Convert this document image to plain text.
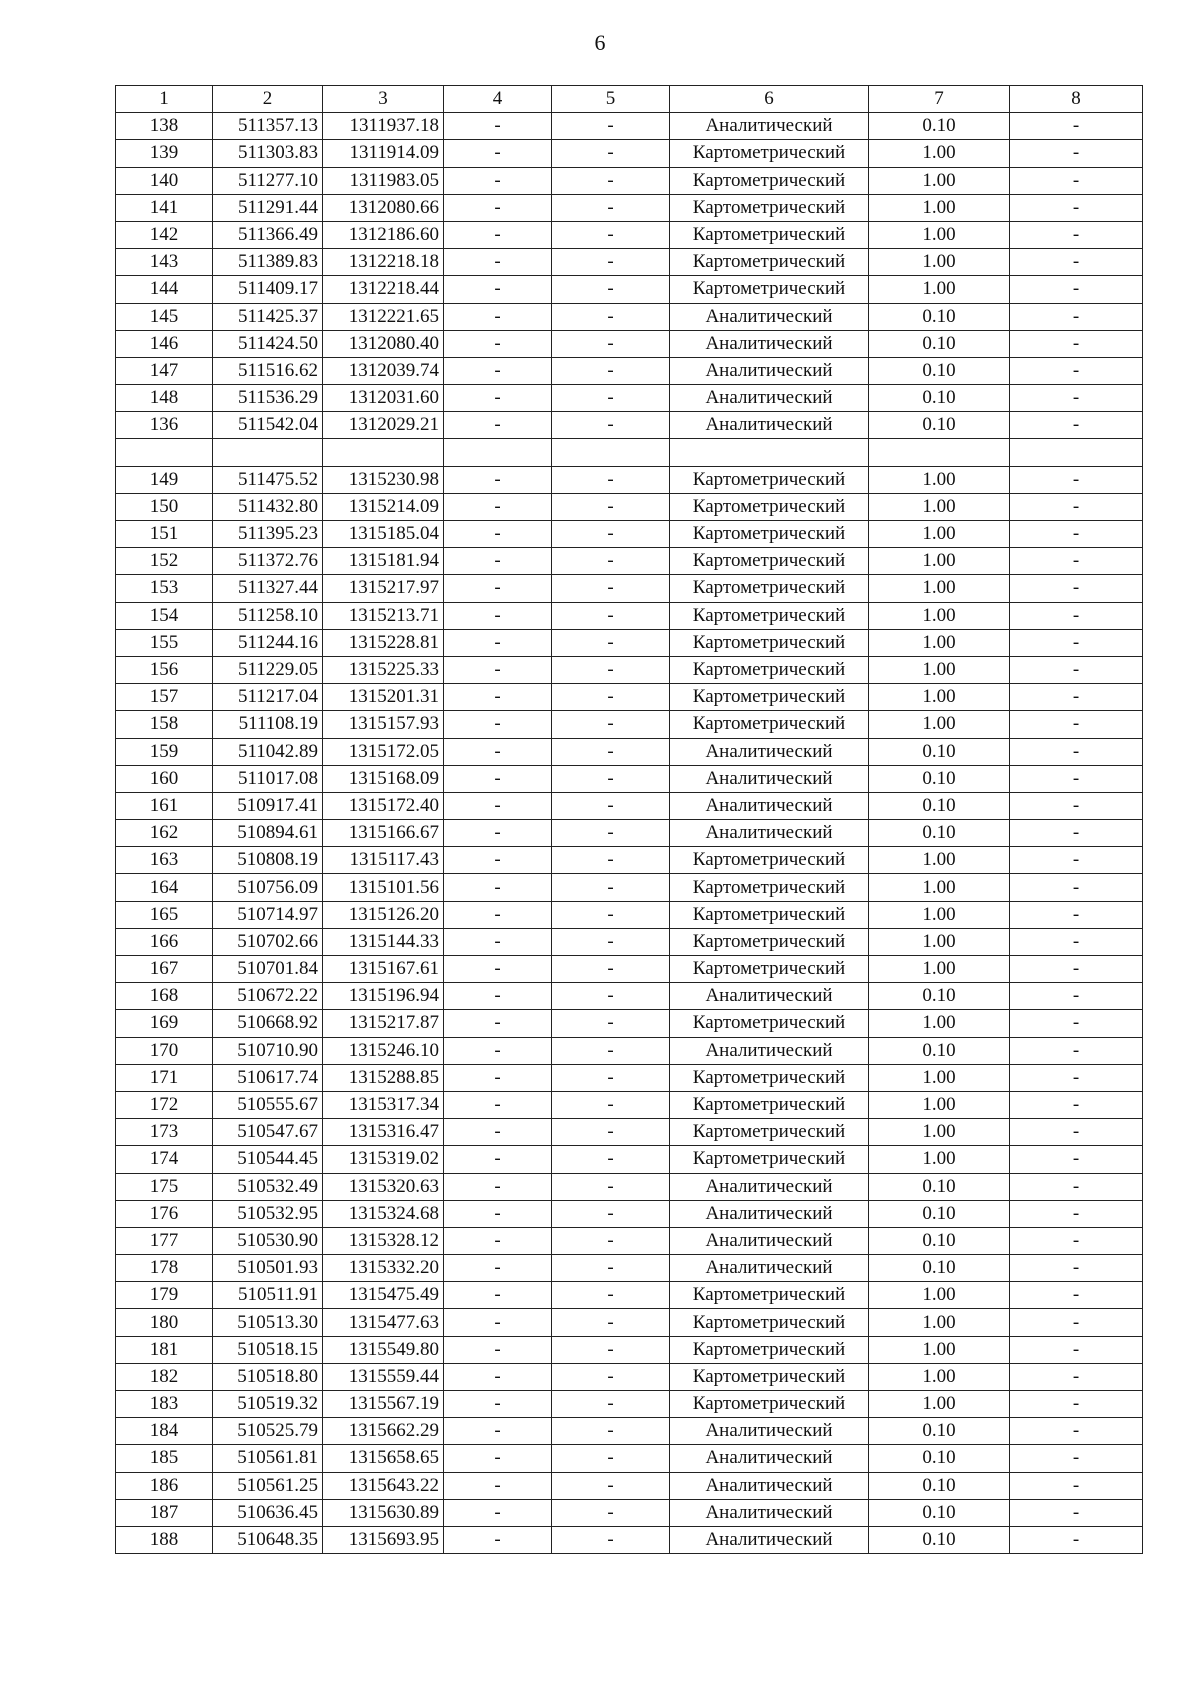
6
1	2	3	4	5	6	7	8
138	511357.13	1311937.18	-	-	Аналитический	0.10	-
139	511303.83	1311914.09	-	-	Картометрический	1.00	-
140	511277.10	1311983.05	-	-	Картометрический	1.00	-
141	511291.44	1312080.66	-	-	Картометрический	1.00	-
142	511366.49	1312186.60	-	-	Картометрический	1.00	-
143	511389.83	1312218.18	-	-	Картометрический	1.00	-
144	511409.17	1312218.44	-	-	Картометрический	1.00	-
145	511425.37	1312221.65	-	-	Аналитический	0.10	-
146	511424.50	1312080.40	-	-	Аналитический	0.10	-
147	511516.62	1312039.74	-	-	Аналитический	0.10	-
148	511536.29	1312031.60	-	-	Аналитический	0.10	-
136	511542.04	1312029.21	-	-	Аналитический	0.10	-

149	511475.52	1315230.98	-	-	Картометрический	1.00	-
150	511432.80	1315214.09	-	-	Картометрический	1.00	-
151	511395.23	1315185.04	-	-	Картометрический	1.00	-
152	511372.76	1315181.94	-	-	Картометрический	1.00	-
153	511327.44	1315217.97	-	-	Картометрический	1.00	-
154	511258.10	1315213.71	-	-	Картометрический	1.00	-
155	511244.16	1315228.81	-	-	Картометрический	1.00	-
156	511229.05	1315225.33	-	-	Картометрический	1.00	-
157	511217.04	1315201.31	-	-	Картометрический	1.00	-
158	511108.19	1315157.93	-	-	Картометрический	1.00	-
159	511042.89	1315172.05	-	-	Аналитический	0.10	-
160	511017.08	1315168.09	-	-	Аналитический	0.10	-
161	510917.41	1315172.40	-	-	Аналитический	0.10	-
162	510894.61	1315166.67	-	-	Аналитический	0.10	-
163	510808.19	1315117.43	-	-	Картометрический	1.00	-
164	510756.09	1315101.56	-	-	Картометрический	1.00	-
165	510714.97	1315126.20	-	-	Картометрический	1.00	-
166	510702.66	1315144.33	-	-	Картометрический	1.00	-
167	510701.84	1315167.61	-	-	Картометрический	1.00	-
168	510672.22	1315196.94	-	-	Аналитический	0.10	-
169	510668.92	1315217.87	-	-	Картометрический	1.00	-
170	510710.90	1315246.10	-	-	Аналитический	0.10	-
171	510617.74	1315288.85	-	-	Картометрический	1.00	-
172	510555.67	1315317.34	-	-	Картометрический	1.00	-
173	510547.67	1315316.47	-	-	Картометрический	1.00	-
174	510544.45	1315319.02	-	-	Картометрический	1.00	-
175	510532.49	1315320.63	-	-	Аналитический	0.10	-
176	510532.95	1315324.68	-	-	Аналитический	0.10	-
177	510530.90	1315328.12	-	-	Аналитический	0.10	-
178	510501.93	1315332.20	-	-	Аналитический	0.10	-
179	510511.91	1315475.49	-	-	Картометрический	1.00	-
180	510513.30	1315477.63	-	-	Картометрический	1.00	-
181	510518.15	1315549.80	-	-	Картометрический	1.00	-
182	510518.80	1315559.44	-	-	Картометрический	1.00	-
183	510519.32	1315567.19	-	-	Картометрический	1.00	-
184	510525.79	1315662.29	-	-	Аналитический	0.10	-
185	510561.81	1315658.65	-	-	Аналитический	0.10	-
186	510561.25	1315643.22	-	-	Аналитический	0.10	-
187	510636.45	1315630.89	-	-	Аналитический	0.10	-
188	510648.35	1315693.95	-	-	Аналитический	0.10	-
